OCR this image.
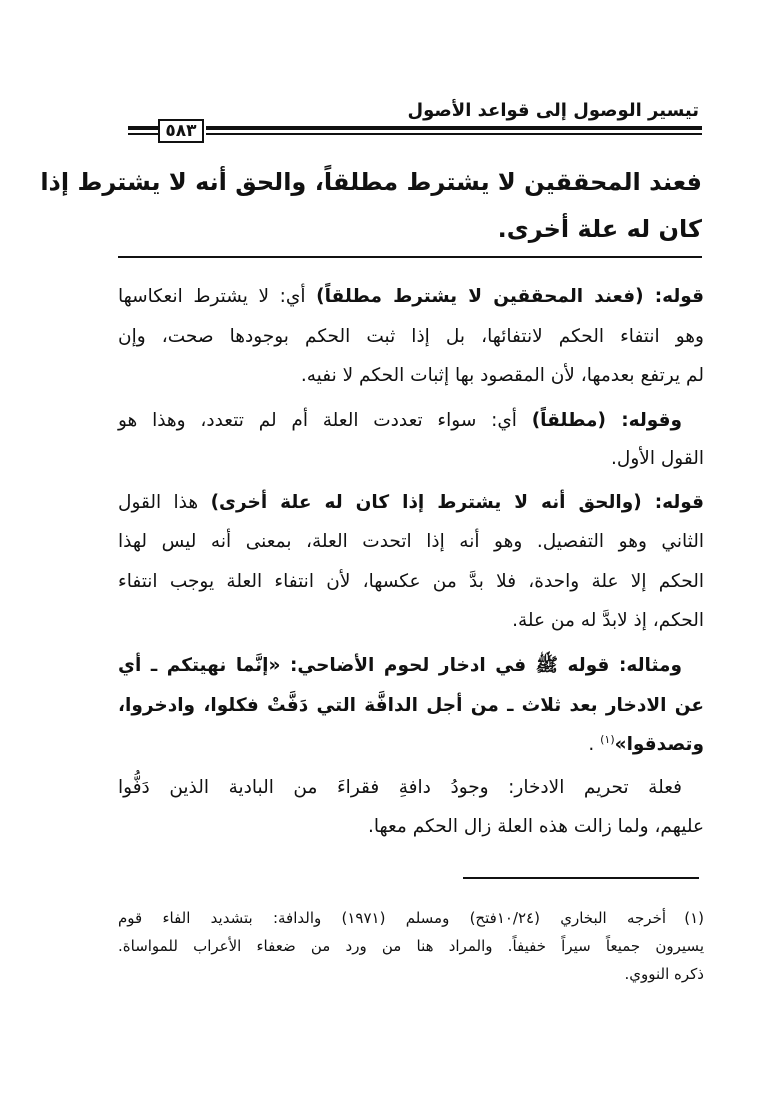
تيسير الوصول إلى قواعد الأصول
٥٨٣
فعند المحققين لا يشترط مطلقاً، والحق أنه لا يشترط إذا
كان له علة أخرى.
قوله: (فعند المحققين لا يشترط مطلقاً) أي: لا يشترط انعكاسها
وهو انتفاء الحكم لانتفائها، بل إذا ثبت الحكم بوجودها صحت، وإن
لم يرتفع بعدمها، لأن المقصود بها إثبات الحكم لا نفيه.
وقوله: (مطلقاً) أي: سواء تعددت العلة أم لم تتعدد، وهذا هو
القول الأول.
قوله: (والحق أنه لا يشترط إذا كان له علة أخرى) هذا القول
الثاني وهو التفصيل. وهو أنه إذا اتحدت العلة، بمعنى أنه ليس لهذا
الحكم إلا علة واحدة، فلا بدَّ من عكسها، لأن انتفاء العلة يوجب انتفاء
الحكم، إذ لابدَّ له من علة.
ومثاله: قوله ﷺ في ادخار لحوم الأضاحي: «إنَّما نهيتكم ـ أي
عن الادخار بعد ثلاث ـ من أجل الدافَّة التي دَفَّتْ فكلوا، وادخروا،
وتصدقوا»$^{(١)}$ .
فعلة تحريم الادخار: وجودُ دافةِ فقراءَ من البادية الذين دَفُّوا
عليهم، ولما زالت هذه العلة زال الحكم معها.
(١)أخرجه البخاري (١٠/٢٤فتح) ومسلم (١٩٧١) والدافة: بتشديد الفاء قوم
يسيرون جميعاً سيراً خفيفاً. والمراد هنا من ورد من ضعفاء الأعراب للمواساة.
ذكره النووي.
